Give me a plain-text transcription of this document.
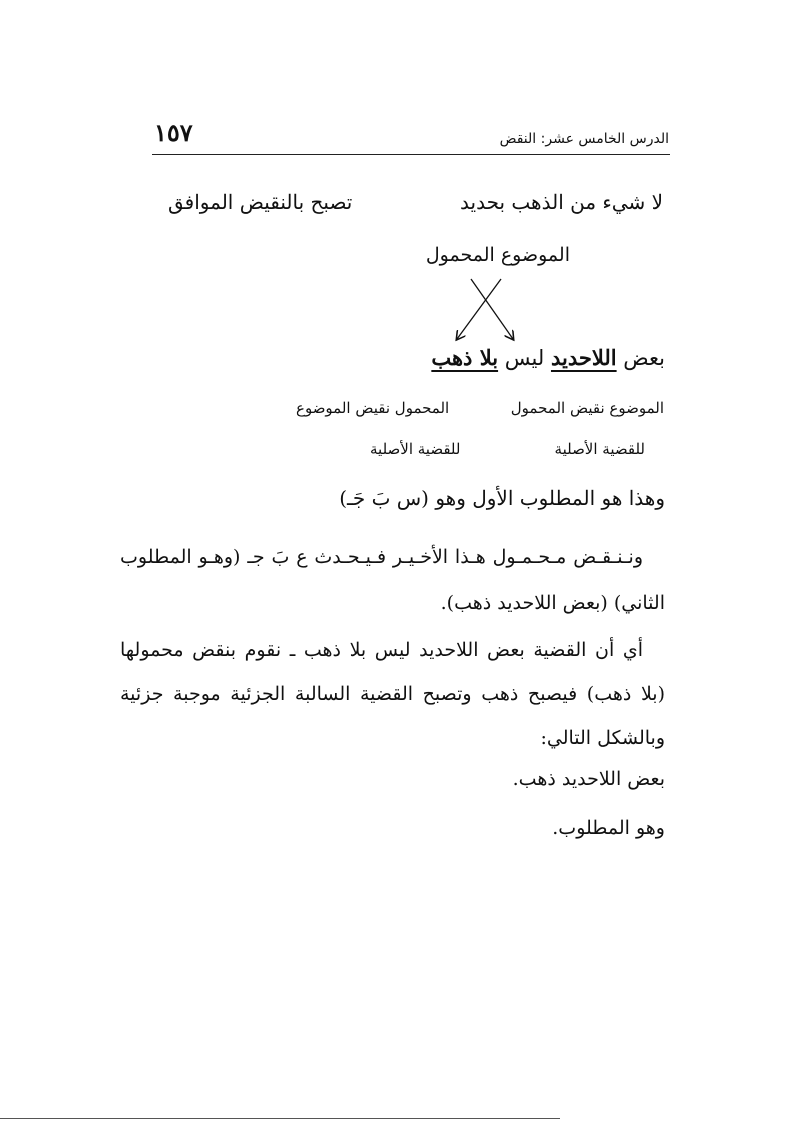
١٥٧	الدرس الخامس عشر: النقض
لا شيء من الذهب بحديد
تصبح بالنقيض الموافق
الموضوع المحمول
بعض اللاحديد ليس بلا ذهب
الموضوع نقيض المحمول
المحمول نقيض الموضوع
للقضية الأصلية
للقضية الأصلية
وهذا هو المطلوب الأول وهو (س بَ جَـ)
ونـنـقـض مـحـمـول هـذا الأخـيـر فـيـحـدث ع بَ جـ (وهـو المطلوب الثاني) (بعض اللاحديد ذهب).
أي أن القضية بعض اللاحديد ليس بلا ذهب ـ نقوم بنقض محمولها (بلا ذهب) فيصبح ذهب وتصبح القضية السالبة الجزئية موجبة جزئية وبالشكل التالي:
بعض اللاحديد ذهب.
وهو المطلوب.
